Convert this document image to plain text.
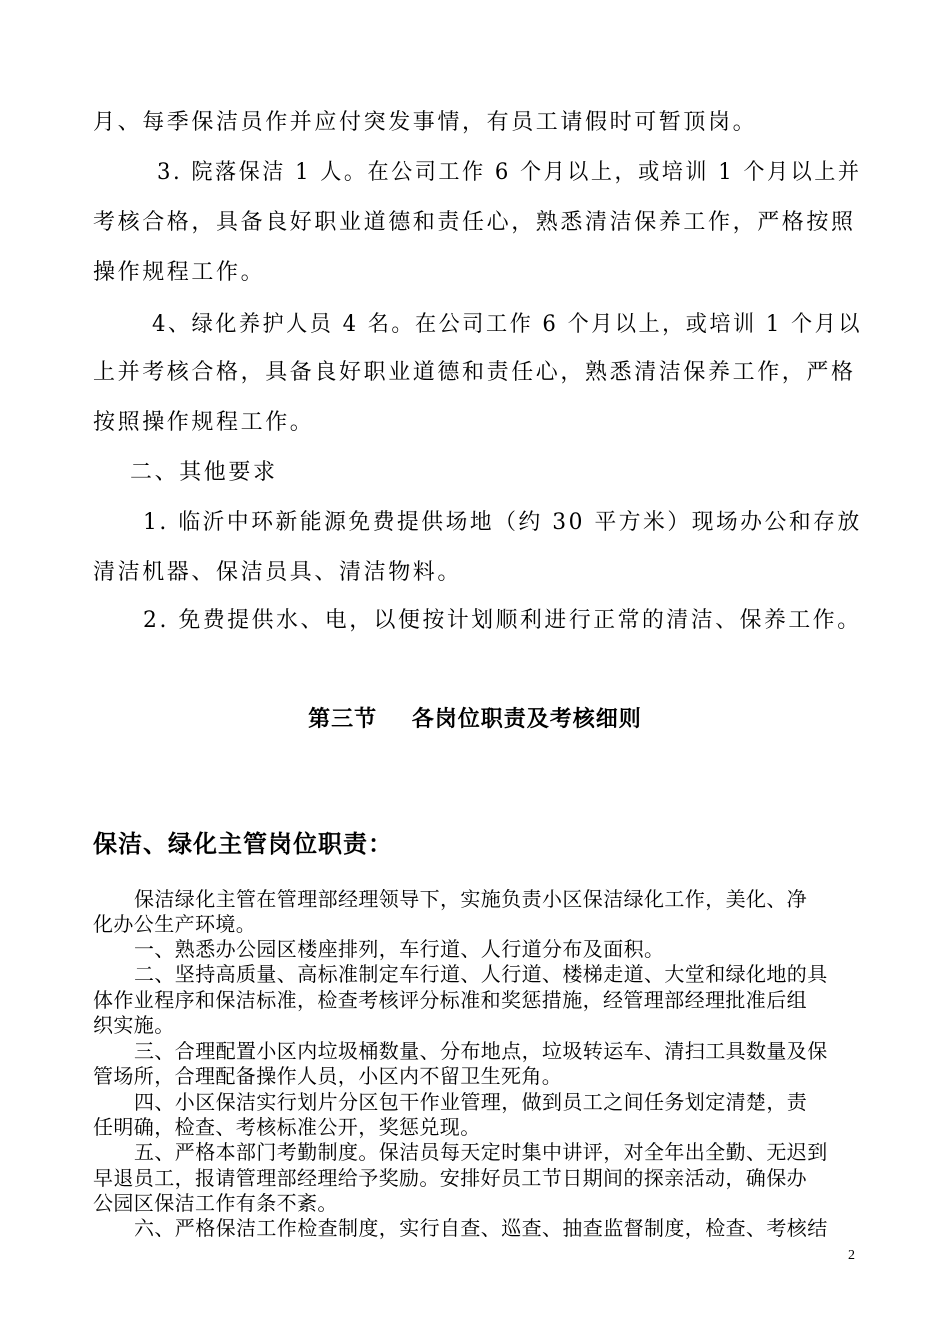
月、每季保洁员作并应付突发事情，有员工请假时可暂顶岗。

3. 院落保洁 1 人。在公司工作 6 个月以上，或培训 1 个月以上并

考核合格，具备良好职业道德和责任心，熟悉清洁保养工作，严格按照

操作规程工作。

4、绿化养护人员 4 名。在公司工作 6 个月以上，或培训 1 个月以

上并考核合格，具备良好职业道德和责任心，熟悉清洁保养工作，严格

按照操作规程工作。

二、其他要求

1. 临沂中环新能源免费提供场地（约 30 平方米）现场办公和存放

清洁机器、保洁员具、清洁物料。

2. 免费提供水、电，以便按计划顺利进行正常的清洁、保养工作。

第三节    各岗位职责及考核细则
保洁、绿化主管岗位职责：

保洁绿化主管在管理部经理领导下，实施负责小区保洁绿化工作，美化、净

化办公生产环境。

一、熟悉办公园区楼座排列，车行道、人行道分布及面积。

二、坚持高质量、高标准制定车行道、人行道、楼梯走道、大堂和绿化地的具

体作业程序和保洁标准，检查考核评分标准和奖惩措施，经管理部经理批准后组

织实施。

三、合理配置小区内垃圾桶数量、分布地点，垃圾转运车、清扫工具数量及保

管场所，合理配备操作人员，小区内不留卫生死角。

四、小区保洁实行划片分区包干作业管理，做到员工之间任务划定清楚，责

任明确，检查、考核标准公开，奖惩兑现。

五、严格本部门考勤制度。保洁员每天定时集中讲评，对全年出全勤、无迟到

早退员工，报请管理部经理给予奖励。安排好员工节日期间的探亲活动，确保办

公园区保洁工作有条不紊。

六、严格保洁工作检查制度，实行自查、巡查、抽查监督制度，检查、考核结

2
